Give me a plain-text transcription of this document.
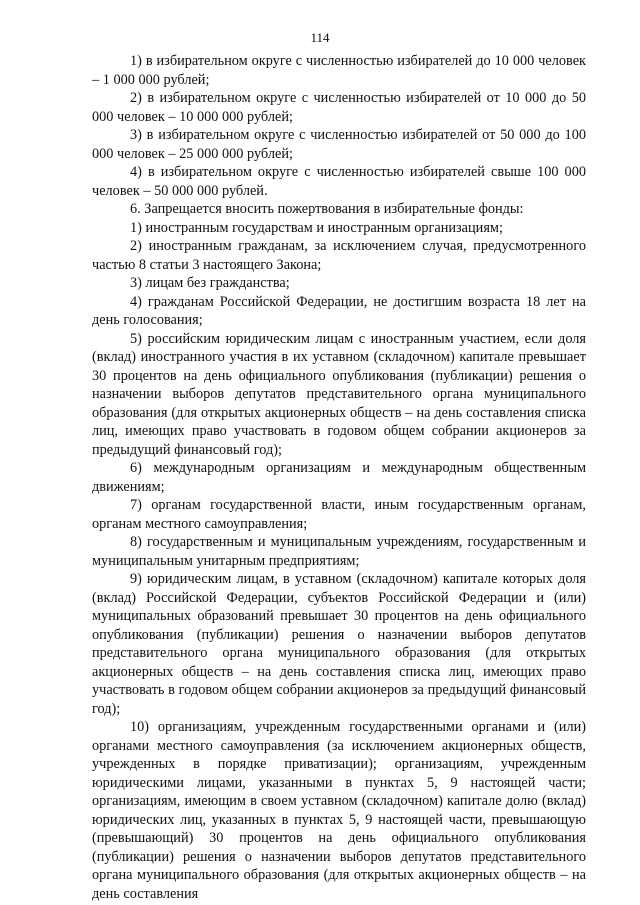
114

1) в избирательном округе с численностью избирателей до 10 000 человек – 1 000 000 рублей;

2) в избирательном округе с численностью избирателей от 10 000 до 50 000 человек – 10 000 000 рублей;

3) в избирательном округе с численностью избирателей от 50 000 до 100 000 человек – 25 000 000 рублей;

4) в избирательном округе с численностью избирателей свыше 100 000 человек – 50 000 000 рублей.

6. Запрещается вносить пожертвования в избирательные фонды:

1) иностранным государствам и иностранным организациям;

2) иностранным гражданам, за исключением случая, предусмотренного частью 8 статьи 3 настоящего Закона;

3) лицам без гражданства;

4) гражданам Российской Федерации, не достигшим возраста 18 лет на день голосования;

5) российским юридическим лицам с иностранным участием, если доля (вклад) иностранного участия в их уставном (складочном) капитале превышает 30 процентов на день официального опубликования (публикации) решения о назначении выборов депутатов представительного органа муниципального образования (для открытых акционерных обществ – на день составления списка лиц, имеющих право участвовать в годовом общем собрании акционеров за предыдущий финансовый год);

6) международным организациям и международным общественным движениям;

7) органам государственной власти, иным государственным органам, органам местного самоуправления;

8) государственным и муниципальным учреждениям, государственным и муниципальным унитарным предприятиям;

9) юридическим лицам, в уставном (складочном) капитале которых доля (вклад) Российской Федерации, субъектов Российской Федерации и (или) муниципальных образований превышает 30 процентов на день официального опубликования (публикации) решения о назначении выборов депутатов представительного органа муниципального образования (для открытых акционерных обществ – на день составления списка лиц, имеющих право участвовать в годовом общем собрании акционеров за предыдущий финансовый год);

10) организациям, учрежденным государственными органами и (или) органами местного самоуправления (за исключением акционерных обществ, учрежденных в порядке приватизации); организациям, учрежденным юридическими лицами, указанными в пунктах 5, 9 настоящей части; организациям, имеющим в своем уставном (складочном) капитале долю (вклад) юридических лиц, указанных в пунктах 5, 9 настоящей части, превышающую (превышающий) 30 процентов на день официального опубликования (публикации) решения о назначении выборов депутатов представительного органа муниципального образования (для открытых акционерных обществ – на день составления
